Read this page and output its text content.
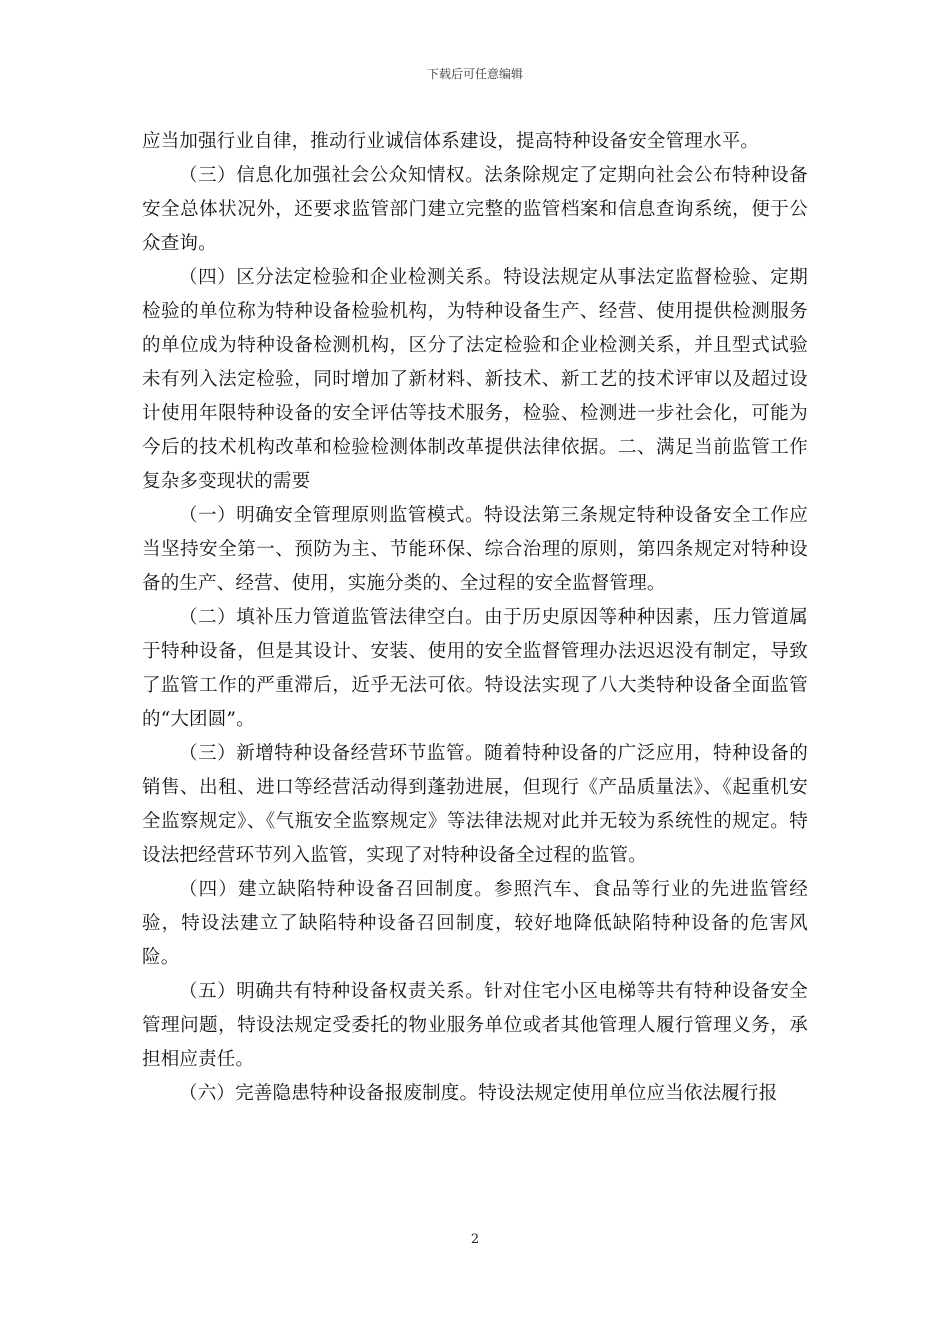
下载后可任意编辑

应当加强行业自律，推动行业诚信体系建设，提高特种设备安全管理水平。

（三）信息化加强社会公众知情权。法条除规定了定期向社会公布特种设备安全总体状况外，还要求监管部门建立完整的监管档案和信息查询系统，便于公众查询。

（四）区分法定检验和企业检测关系。特设法规定从事法定监督检验、定期检验的单位称为特种设备检验机构，为特种设备生产、经营、使用提供检测服务的单位成为特种设备检测机构，区分了法定检验和企业检测关系，并且型式试验未有列入法定检验，同时增加了新材料、新技术、新工艺的技术评审以及超过设计使用年限特种设备的安全评估等技术服务，检验、检测进一步社会化，可能为今后的技术机构改革和检验检测体制改革提供法律依据。二、满足当前监管工作复杂多变现状的需要

（一）明确安全管理原则监管模式。特设法第三条规定特种设备安全工作应当坚持安全第一、预防为主、节能环保、综合治理的原则，第四条规定对特种设备的生产、经营、使用，实施分类的、全过程的安全监督管理。

（二）填补压力管道监管法律空白。由于历史原因等种种因素，压力管道属于特种设备，但是其设计、安装、使用的安全监督管理办法迟迟没有制定，导致了监管工作的严重滞后，近乎无法可依。特设法实现了八大类特种设备全面监管的“大团圆”。

（三）新增特种设备经营环节监管。随着特种设备的广泛应用，特种设备的销售、出租、进口等经营活动得到蓬勃进展，但现行《产品质量法》、《起重机安全监察规定》、《气瓶安全监察规定》等法律法规对此并无较为系统性的规定。特设法把经营环节列入监管，实现了对特种设备全过程的监管。

（四）建立缺陷特种设备召回制度。参照汽车、食品等行业的先进监管经验，特设法建立了缺陷特种设备召回制度，较好地降低缺陷特种设备的危害风险。

（五）明确共有特种设备权责关系。针对住宅小区电梯等共有特种设备安全管理问题，特设法规定受委托的物业服务单位或者其他管理人履行管理义务，承担相应责任。

（六）完善隐患特种设备报废制度。特设法规定使用单位应当依法履行报

2
